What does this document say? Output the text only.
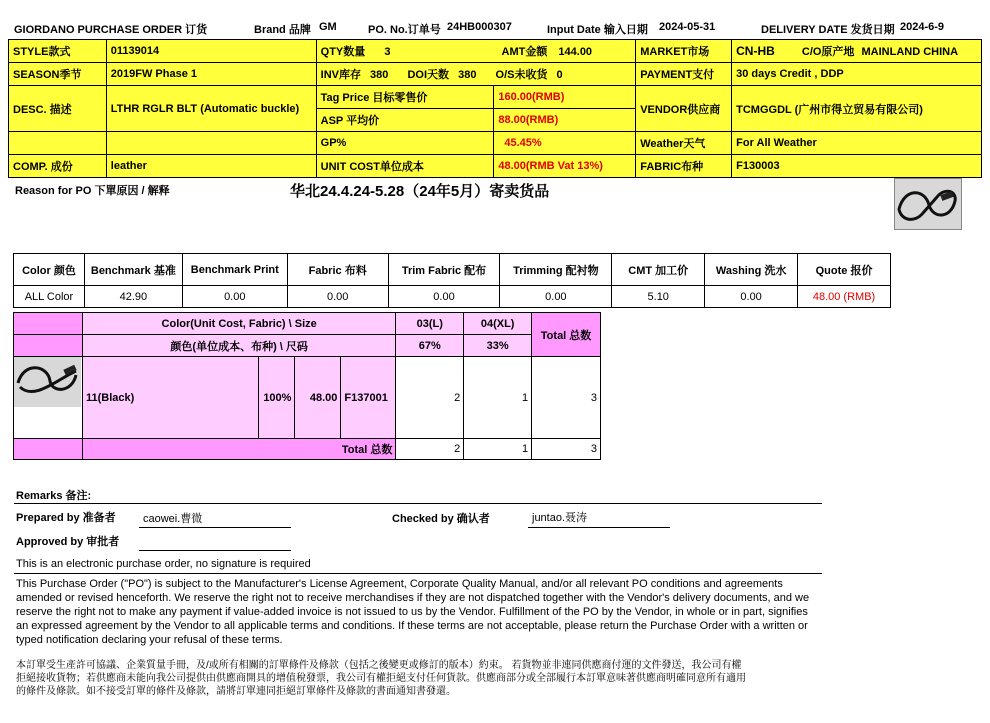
GIORDANO PURCHASE ORDER 订货	Brand 品牌 GM	PO. No.订单号 24HB000307	Input Date 输入日期 2024-05-31	DELIVERY DATE 发货日期 2024-6-9
STYLE款式	01139014	QTY数量 3 AMT金额 144.00		MARKET市场	CN-HB C/O原产地 MAINLAND CHINA
SEASON季节	2019FW Phase 1	INV库存 380 DOI天数 380 O/S未收货 0		PAYMENT支付	30 days Credit , DDP
DESC. 描述	LTHR RGLR BLT (Automatic buckle)	Tag Price 目标零售价	160.00(RMB)	VENDOR供应商	TCMGGDL (广州市得立贸易有限公司)
		ASP 平均价	88.00(RMB)		
		GP%	45.45%	Weather天气	For All Weather
COMP. 成份	leather	UNIT COST单位成本	48.00(RMB Vat 13%)	FABRIC布种	F130003
Reason for PO 下單原因 / 解释	华北24.4.24-5.28（24年5月）寄卖货品
Color 颜色	Benchmark 基准	Benchmark Print	Fabric 布料	Trim Fabric 配布	Trimming 配衬物	CMT 加工价	Washing 洗水	Quote 报价
ALL Color	42.90	0.00	0.00	0.00	0.00	5.10	0.00	48.00 (RMB)
	Color(Unit Cost, Fabric) \ Size				03(L)	04(XL)	Total 总数
	颜色(单位成本、布种) \ 尺码				67%	33%	

	11(Black)	100%	48.00	F137001	2	1	3
	Total 总数				2	1	3
Remarks 备注:
Prepared by 准备者 caowei.曹微	Checked by 确认者	juntao.聂涛
Approved by 审批者
This is an electronic purchase order, no signature is required
This Purchase Order ("PO") is subject to the Manufacturer's License Agreement, Corporate Quality Manual, and/or all relevant PO conditions and agreements
amended or revised henceforth. We reserve the right not to receive merchandises if they are not dispatched together with the Vendor's delivery documents, and we
reserve the right not to make any payment if value-added invoice is not issued to us by the Vendor. Fulfillment of the PO by the Vendor, in whole or in part, signifies
an expressed agreement by the Vendor to all applicable terms and conditions. If these terms are not acceptable, please return the Purchase Order with a written or
typed notification declaring your refusal of these terms.
本訂單受生產許可協議、企業質量手冊，及/或所有相關的訂單條件及條款（包括之後變更或修訂的版本）約束。 若貨物並非連同供應商付運的文件發送，我公司有權
拒絕接收貨物；若供應商未能向我公司提供由供應商開具的增值稅發票，我公司有權拒絕支付任何貨款。供應商部分或全部履行本訂單意味著供應商明確同意所有適用
的條件及條款。如不接受訂單的條件及條款，請將訂單連同拒絕訂單條件及條款的書面通知書發還。
